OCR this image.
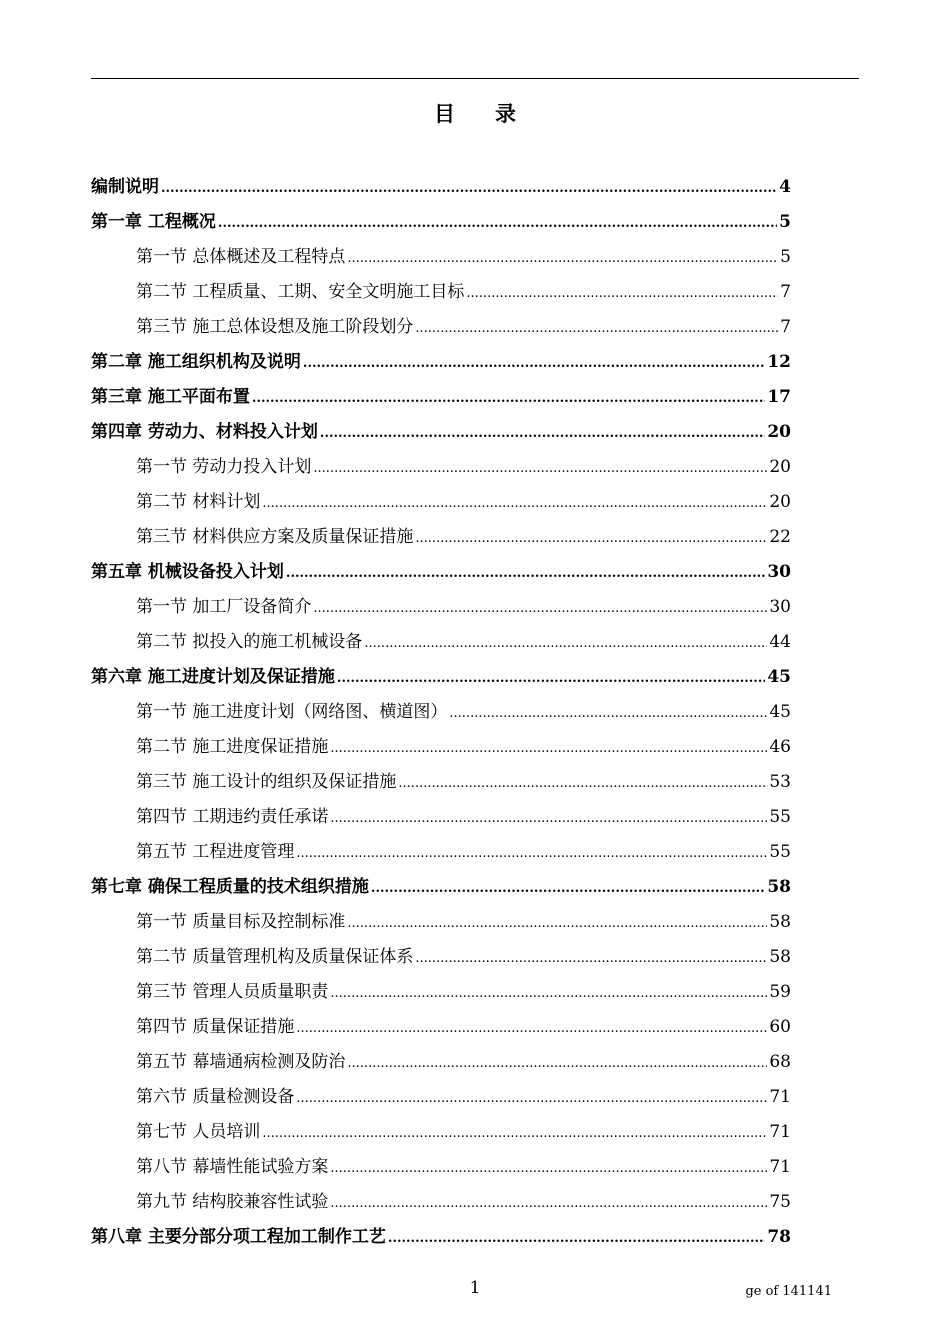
目 录
编制说明 .....	4
第一章 工程概况 .....	5
第一节 总体概述及工程特点 .....	5
第二节 工程质量、工期、安全文明施工目标 .....	7
第三节 施工总体设想及施工阶段划分 .....	7
第二章 施工组织机构及说明 .....	12
第三章 施工平面布置 .....	17
第四章 劳动力、材料投入计划 .....	20
第一节 劳动力投入计划 .....	20
第二节 材料计划 .....	20
第三节 材料供应方案及质量保证措施 .....	22
第五章 机械设备投入计划 .....	30
第一节 加工厂设备简介 .....	30
第二节 拟投入的施工机械设备 .....	44
第六章 施工进度计划及保证措施 .....	45
第一节 施工进度计划（网络图、横道图） .....	45
第二节 施工进度保证措施 .....	46
第三节 施工设计的组织及保证措施 .....	53
第四节 工期违约责任承诺 .....	55
第五节 工程进度管理 .....	55
第七章 确保工程质量的技术组织措施 .....	58
第一节 质量目标及控制标准 .....	58
第二节 质量管理机构及质量保证体系 .....	58
第三节 管理人员质量职责 .....	59
第四节 质量保证措施 .....	60
第五节 幕墙通病检测及防治 .....	68
第六节 质量检测设备 .....	71
第七节 人员培训 .....	71
第八节 幕墙性能试验方案 .....	71
第九节 结构胶兼容性试验 .....	75
第八章 主要分部分项工程加工制作工艺 .....	78
1	ge of 141141
